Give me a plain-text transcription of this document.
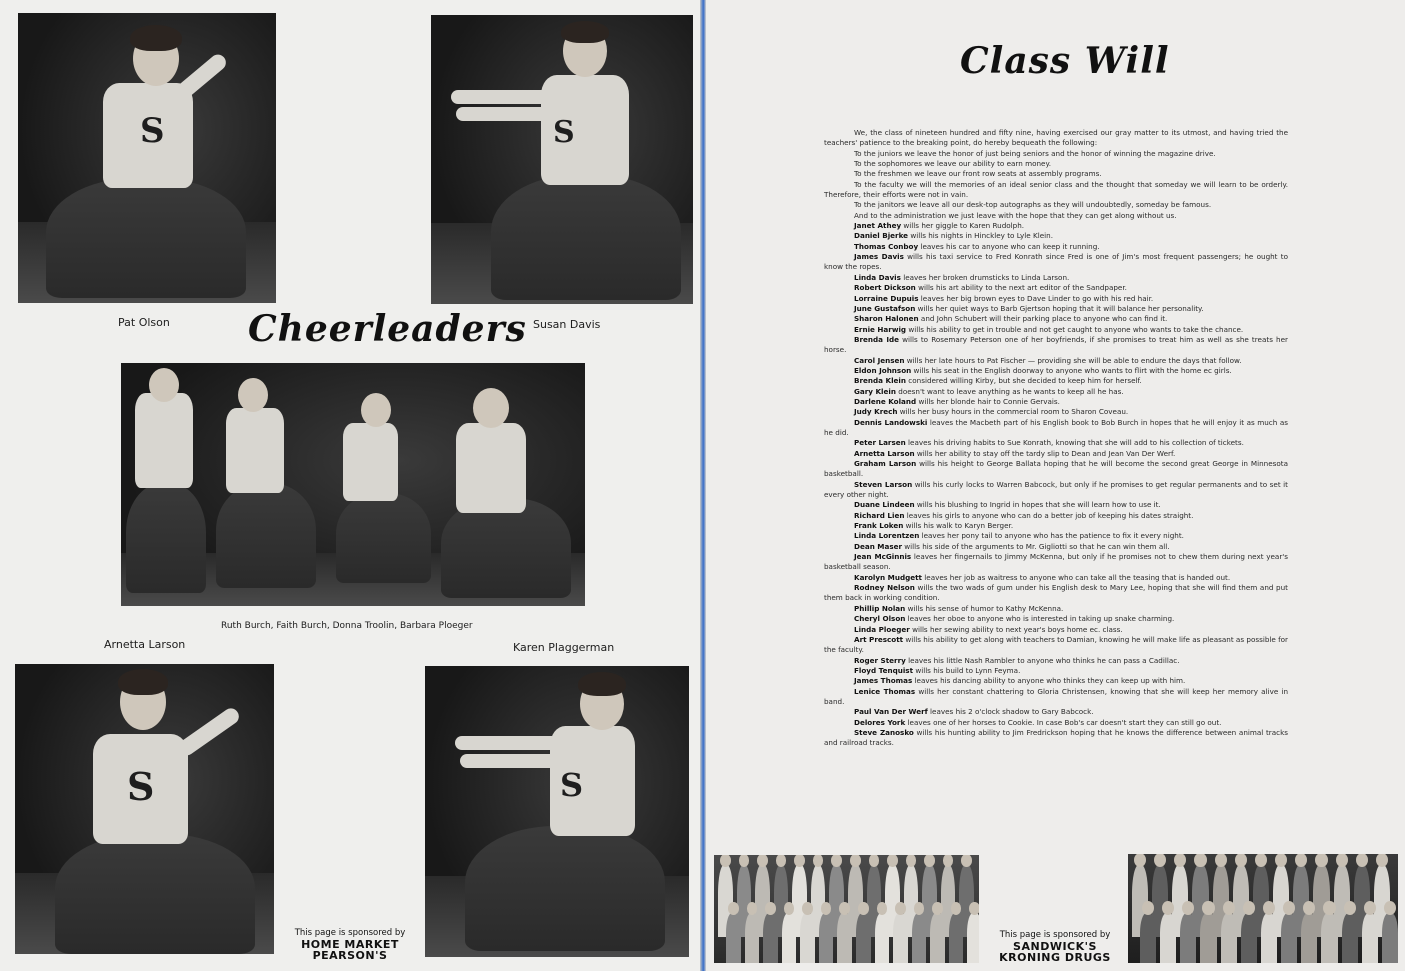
S	S
Pat Olson	Susan Davis
Cheerleaders
Ruth Burch, Faith Burch, Donna Troolin, Barbara Ploeger
Arnetta Larson	Karen Plaggerman
S	S
This page is sponsored by
HOME MARKET
PEARSON'S
Class Will

We, the class of nineteen hundred and fifty nine, having exercised our gray matter to its utmost, and having tried the teachers' patience to the breaking point, do hereby bequeath the following:

To the juniors we leave the honor of just being seniors and the honor of winning the magazine drive.

To the sophomores we leave our ability to earn money.

To the freshmen we leave our front row seats at assembly programs.

To the faculty we will the memories of an ideal senior class and the thought that someday we will learn to be orderly. Therefore, their efforts were not in vain.

To the janitors we leave all our desk-top autographs as they will undoubtedly, someday be famous.

And to the administration we just leave with the hope that they can get along without us.

Janet Athey wills her giggle to Karen Rudolph.

Daniel Bjerke wills his nights in Hinckley to Lyle Klein.

Thomas Conboy leaves his car to anyone who can keep it running.

James Davis wills his taxi service to Fred Konrath since Fred is one of Jim's most frequent passengers; he ought to know the ropes.

Linda Davis leaves her broken drumsticks to Linda Larson.

Robert Dickson wills his art ability to the next art editor of the Sandpaper.

Lorraine Dupuis leaves her big brown eyes to Dave Linder to go with his red hair.

June Gustafson wills her quiet ways to Barb Gjertson hoping that it will balance her personality.

Sharon Halonen and John Schubert will their parking place to anyone who can find it.

Ernie Harwig wills his ability to get in trouble and not get caught to anyone who wants to take the chance.

Brenda Ide wills to Rosemary Peterson one of her boyfriends, if she promises to treat him as well as she treats her horse.

Carol Jensen wills her late hours to Pat Fischer — providing she will be able to endure the days that follow.

Eldon Johnson wills his seat in the English doorway to anyone who wants to flirt with the home ec girls.

Brenda Klein considered willing Kirby, but she decided to keep him for herself.

Gary Klein doesn't want to leave anything as he wants to keep all he has.

Darlene Koland wills her blonde hair to Connie Gervais.

Judy Krech wills her busy hours in the commercial room to Sharon Coveau.

Dennis Landowski leaves the Macbeth part of his English book to Bob Burch in hopes that he will enjoy it as much as he did.

Peter Larsen leaves his driving habits to Sue Konrath, knowing that she will add to his collection of tickets.

Arnetta Larson wills her ability to stay off the tardy slip to Dean and Jean Van Der Werf.

Graham Larson wills his height to George Ballata hoping that he will become the second great George in Minnesota basketball.

Steven Larson wills his curly locks to Warren Babcock, but only if he promises to get regular permanents and to set it every other night.

Duane Lindeen wills his blushing to Ingrid in hopes that she will learn how to use it.

Richard Lien leaves his girls to anyone who can do a better job of keeping his dates straight.

Frank Loken wills his walk to Karyn Berger.

Linda Lorentzen leaves her pony tail to anyone who has the patience to fix it every night.

Dean Maser wills his side of the arguments to Mr. Gigliotti so that he can win them all.

Jean McGinnis leaves her fingernails to Jimmy McKenna, but only if he promises not to chew them during next year's basketball season.

Karolyn Mudgett leaves her job as waitress to anyone who can take all the teasing that is handed out.

Rodney Nelson wills the two wads of gum under his English desk to Mary Lee, hoping that she will find them and put them back in working condition.

Phillip Nolan wills his sense of humor to Kathy McKenna.

Cheryl Olson leaves her oboe to anyone who is interested in taking up snake charming.

Linda Ploeger wills her sewing ability to next year's boys home ec. class.

Art Prescott wills his ability to get along with teachers to Damian, knowing he will make life as pleasant as possible for the faculty.

Roger Sterry leaves his little Nash Rambler to anyone who thinks he can pass a Cadillac.

Floyd Tenquist wills his build to Lynn Feyma.

James Thomas leaves his dancing ability to anyone who thinks they can keep up with him.

Lenice Thomas wills her constant chattering to Gloria Christensen, knowing that she will keep her memory alive in band.

Paul Van Der Werf leaves his 2 o'clock shadow to Gary Babcock.

Delores York leaves one of her horses to Cookie. In case Bob's car doesn't start they can still go out.

Steve Zanosko wills his hunting ability to Jim Fredrickson hoping that he knows the difference between animal tracks and railroad tracks.

This page is sponsored by
SANDWICK'S
KRONING DRUGS
